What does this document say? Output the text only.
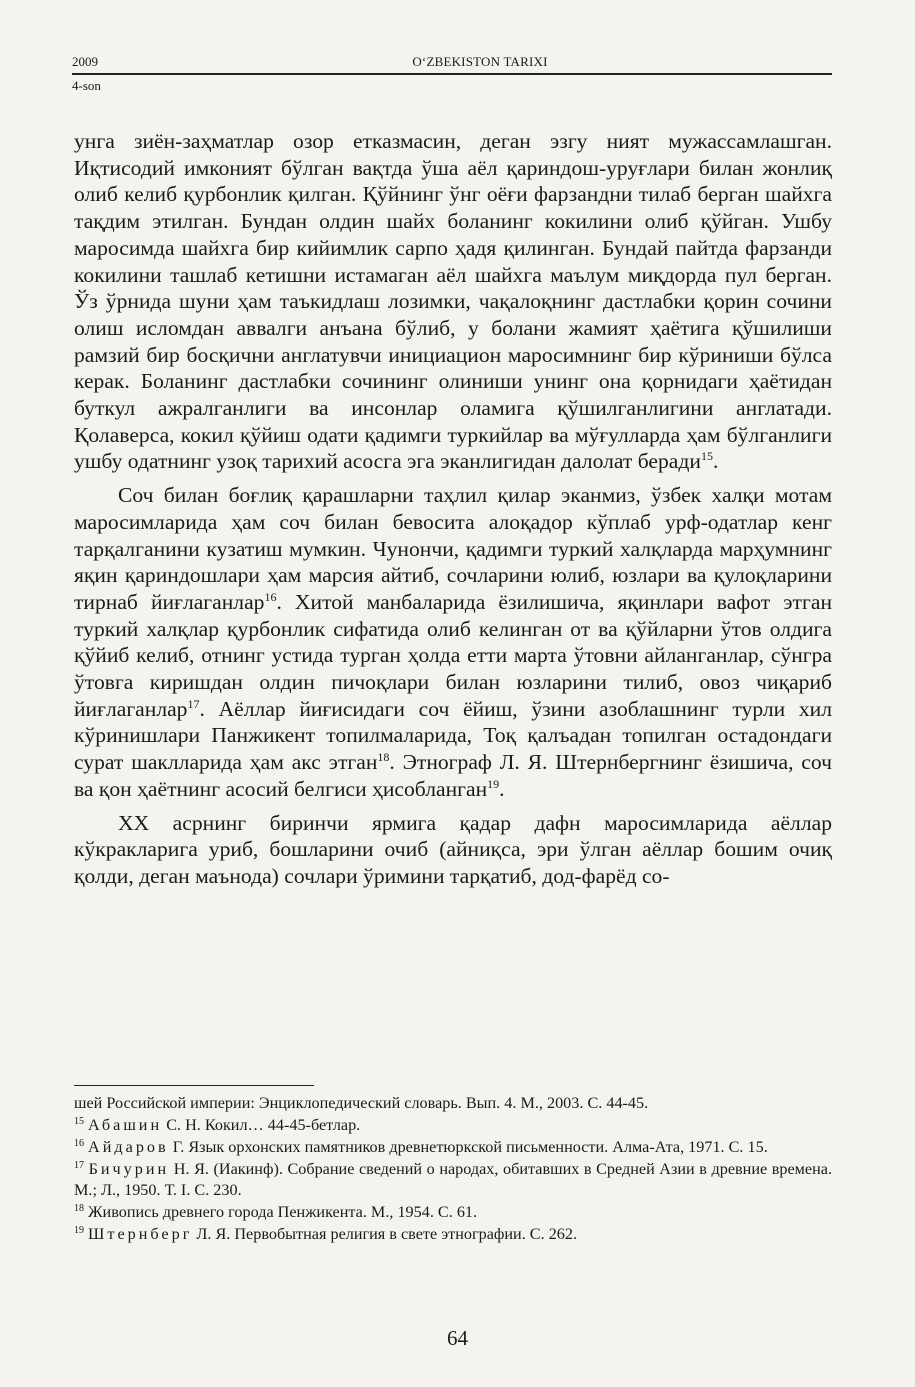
2009	O‘ZBEKISTON TARIXI
4-son

унга зиён-заҳматлар озор етказмасин, деган эзгу ният мужассамлашган. Иқтисодий имконият бўлган вақтда ўша аёл қариндош-уруғлари билан жонлиқ олиб келиб қурбонлик қилган. Қўйнинг ўнг оёғи фарзандни тилаб берган шайхга тақдим этилган. Бундан олдин шайх боланинг кокилини олиб қўйган. Ушбу маросимда шайхга бир кийимлик сарпо ҳадя қилинган. Бундай пайтда фарзанди кокилини ташлаб кетишни истамаган аёл шайхга маълум миқдорда пул берган. Ўз ўрнида шуни ҳам таъкидлаш лозимки, чақалоқнинг дастлабки қорин сочини олиш исломдан аввалги анъана бўлиб, у болани жамият ҳаётига қўшилиши рамзий бир босқични англатувчи инициацион маросимнинг бир кўриниши бўлса керак. Боланинг дастлабки сочининг олиниши унинг она қорнидаги ҳаётидан буткул ажралганлиги ва инсонлар оламига қўшилганлигини англатади. Қолаверса, кокил қўйиш одати қадимги туркийлар ва мўғулларда ҳам бўлганлиги ушбу одатнинг узоқ тарихий асосга эга эканлигидан далолат беради$^{15}$.

Соч билан боғлиқ қарашларни таҳлил қилар эканмиз, ўзбек халқи мотам маросимларида ҳам соч билан бевосита алоқадор кўплаб урф-одатлар кенг тарқалганини кузатиш мумкин. Чунончи, қадимги туркий халқларда марҳумнинг яқин қариндошлари ҳам марсия айтиб, сочларини юлиб, юзлари ва қулоқларини тирнаб йиғлаганлар$^{16}$. Хитой манбаларида ёзилишича, яқинлари вафот этган туркий халқлар қурбонлик сифатида олиб келинган от ва қўйларни ўтов олдига қўйиб келиб, отнинг устида турган ҳолда етти марта ўтовни айланганлар, сўнгра ўтовга киришдан олдин пичоқлари билан юзларини тилиб, овоз чиқариб йиғлаганлар$^{17}$. Аёллар йиғисидаги соч ёйиш, ўзини азоблашнинг турли хил кўринишлари Панжикент топилмаларида, Тоқ қалъадан топилган остадондаги сурат шаклларида ҳам акс этган$^{18}$. Этнограф Л. Я. Штернбергнинг ёзишича, соч ва қон ҳаётнинг асосий белгиси ҳисобланган$^{19}$.

XX асрнинг биринчи ярмига қадар дафн маросимларида аёллар кўкракларига уриб, бошларини очиб (айниқса, эри ўлган аёллар бошим очиқ қолди, деган маънода) сочлари ўримини тарқатиб, дод-фарёд со-

шей Российской империи: Энциклопедический словарь. Вып. 4. М., 2003. С. 44-45.
$^{15}$ Абашин С. Н. Кокил… 44-45-бетлар.
$^{16}$ Айдаров Г. Язык орхонских памятников древнетюркской письменности. Алма-Ата, 1971. С. 15.
$^{17}$ Бичурин Н. Я. (Иакинф). Собрание сведений о народах, обитавших в Средней Азии в древние времена. М.; Л., 1950. Т. I. С. 230.
$^{18}$ Живопись древнего города Пенжикента. М., 1954. С. 61.
$^{19}$ Штернберг Л. Я. Первобытная религия в свете этнографии. С. 262.
64
